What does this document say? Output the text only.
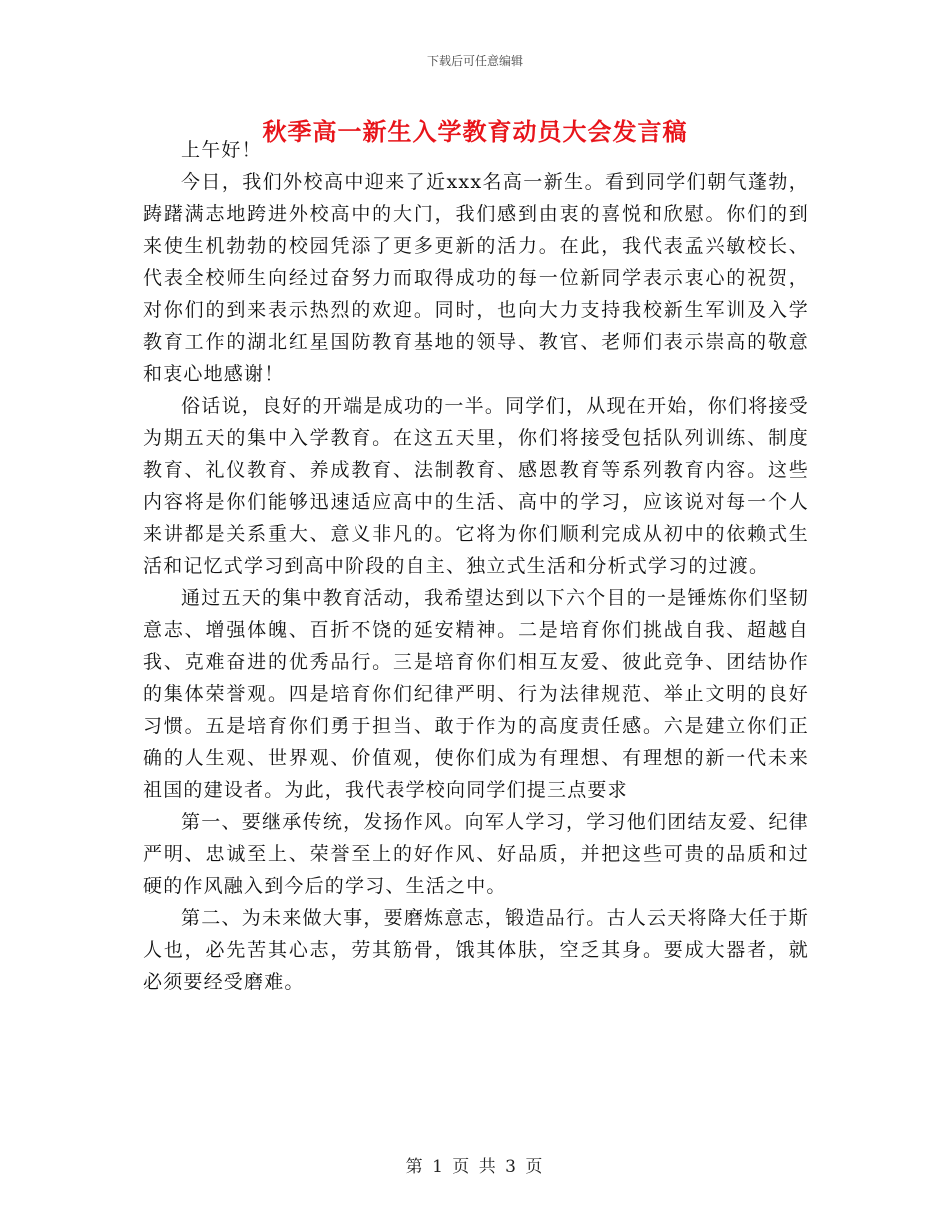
下载后可任意编辑
秋季高一新生入学教育动员大会发言稿

上午好！

今日，我们外校高中迎来了近xxx名高一新生。看到同学们朝气蓬勃，踌躇满志地跨进外校高中的大门，我们感到由衷的喜悦和欣慰。你们的到来使生机勃勃的校园凭添了更多更新的活力。在此，我代表孟兴敏校长、代表全校师生向经过奋努力而取得成功的每一位新同学表示衷心的祝贺，对你们的到来表示热烈的欢迎。同时，也向大力支持我校新生军训及入学教育工作的湖北红星国防教育基地的领导、教官、老师们表示崇高的敬意和衷心地感谢！

俗话说，良好的开端是成功的一半。同学们，从现在开始，你们将接受为期五天的集中入学教育。在这五天里，你们将接受包括队列训练、制度教育、礼仪教育、养成教育、法制教育、感恩教育等系列教育内容。这些内容将是你们能够迅速适应高中的生活、高中的学习，应该说对每一个人来讲都是关系重大、意义非凡的。它将为你们顺利完成从初中的依赖式生活和记忆式学习到高中阶段的自主、独立式生活和分析式学习的过渡。

通过五天的集中教育活动，我希望达到以下六个目的一是锤炼你们坚韧意志、增强体魄、百折不饶的延安精神。二是培育你们挑战自我、超越自我、克难奋进的优秀品行。三是培育你们相互友爱、彼此竞争、团结协作的集体荣誉观。四是培育你们纪律严明、行为法律规范、举止文明的良好习惯。五是培育你们勇于担当、敢于作为的高度责任感。六是建立你们正确的人生观、世界观、价值观，使你们成为有理想、有理想的新一代未来祖国的建设者。为此，我代表学校向同学们提三点要求

第一、要继承传统，发扬作风。向军人学习，学习他们团结友爱、纪律严明、忠诚至上、荣誉至上的好作风、好品质，并把这些可贵的品质和过硬的作风融入到今后的学习、生活之中。

第二、为未来做大事，要磨炼意志，锻造品行。古人云天将降大任于斯人也，必先苦其心志，劳其筋骨，饿其体肤，空乏其身。要成大器者，就必须要经受磨难。

第 1 页 共 3 页
